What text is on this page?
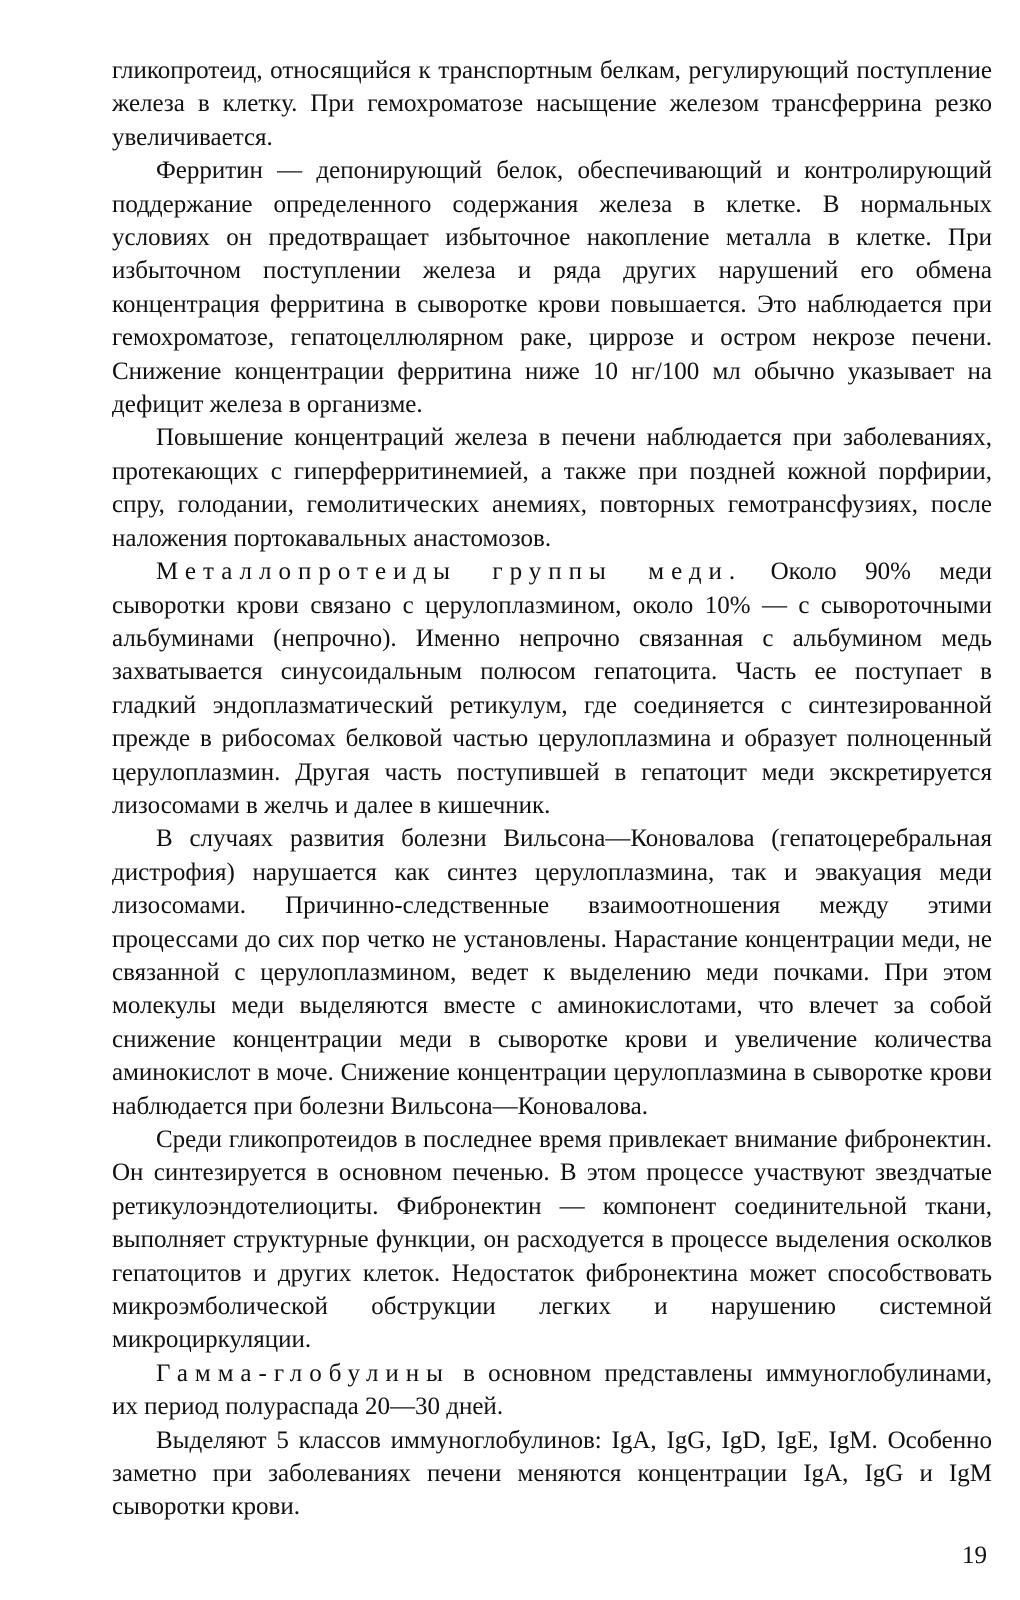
гликопротеид, относящийся к транспортным белкам, регулирующий поступление железа в клетку. При гемохроматозе насыщение железом трансферрина резко увеличивается.

Ферритин — депонирующий белок, обеспечивающий и контролирующий поддержание определенного содержания железа в клетке. В нормальных условиях он предотвращает избыточное накопление металла в клетке. При избыточном поступлении железа и ряда других нарушений его обмена концентрация ферритина в сыворотке крови повышается. Это наблюдается при гемохроматозе, гепатоцеллюлярном раке, циррозе и остром некрозе печени. Снижение концентрации ферритина ниже 10 нг/100 мл обычно указывает на дефицит железа в организме.

Повышение концентраций железа в печени наблюдается при заболеваниях, протекающих с гиперферритинемией, а также при поздней кожной порфирии, спру, голодании, гемолитических анемиях, повторных гемотрансфузиях, после наложения портокавальных анастомозов.

Металлопротеиды группы меди. Около 90% меди сыворотки крови связано с церулоплазмином, около 10% — с сывороточными альбуминами (непрочно). Именно непрочно связанная с альбумином медь захватывается синусоидальным полюсом гепатоцита. Часть ее поступает в гладкий эндоплазматический ретикулум, где соединяется с синтезированной прежде в рибосомах белковой частью церулоплазмина и образует полноценный церулоплазмин. Другая часть поступившей в гепатоцит меди экскретируется лизосомами в желчь и далее в кишечник.

В случаях развития болезни Вильсона—Коновалова (гепатоцеребральная дистрофия) нарушается как синтез церулоплазмина, так и эвакуация меди лизосомами. Причинно-следственные взаимоотношения между этими процессами до сих пор четко не установлены. Нарастание концентрации меди, не связанной с церулоплазмином, ведет к выделению меди почками. При этом молекулы меди выделяются вместе с аминокислотами, что влечет за собой снижение концентрации меди в сыворотке крови и увеличение количества аминокислот в моче. Снижение концентрации церулоплазмина в сыворотке крови наблюдается при болезни Вильсона—Коновалова.

Среди гликопротеидов в последнее время привлекает внимание фибронектин. Он синтезируется в основном печенью. В этом процессе участвуют звездчатые ретикулоэндотелиоциты. Фибронектин — компонент соединительной ткани, выполняет структурные функции, он расходуется в процессе выделения осколков гепатоцитов и других клеток. Недостаток фибронектина может способствовать микроэмболической обструкции легких и нарушению системной микроциркуляции.

Гамма-глобулины в основном представлены иммуноглобулинами, их период полураспада 20—30 дней.

Выделяют 5 классов иммуноглобулинов: IgA, IgG, IgD, IgE, IgM. Особенно заметно при заболеваниях печени меняются концентрации IgA, IgG и IgM сыворотки крови.

19
